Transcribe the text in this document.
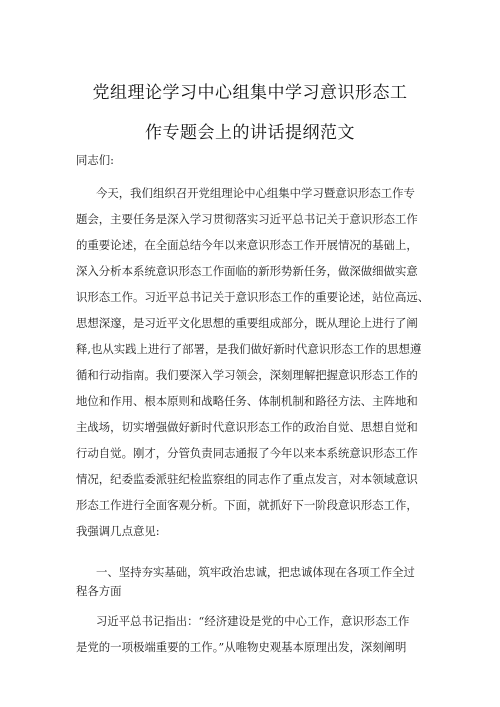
党组理论学习中心组集中学习意识形态工
作专题会上的讲话提纲范文
同志们:
今天，我们组织召开党组理论中心组集中学习暨意识形态工作专
题会，主要任务是深入学习贯彻落实习近平总书记关于意识形态工作
的重要论述，在全面总结今年以来意识形态工作开展情况的基础上，
深入分析本系统意识形态工作面临的新形势新任务，做深做细做实意
识形态工作。习近平总书记关于意识形态工作的重要论述，站位高远、
思想深邃，是习近平文化思想的重要组成部分，既从理论上进行了阐
释,也从实践上进行了部署，是我们做好新时代意识形态工作的思想遵
循和行动指南。我们要深入学习领会，深刻理解把握意识形态工作的
地位和作用、根本原则和战略任务、体制机制和路径方法、主阵地和
主战场，切实增强做好新时代意识形态工作的政治自觉、思想自觉和
行动自觉。刚才，分管负责同志通报了今年以来本系统意识形态工作
情况，纪委监委派驻纪检监察组的同志作了重点发言，对本领域意识
形态工作进行全面客观分析。下面，就抓好下一阶段意识形态工作，
我强调几点意见:
一、坚持夯实基础，筑牢政治忠诚，把忠诚体现在各项工作全过
程各方面
习近平总书记指出：“经济建设是党的中心工作，意识形态工作
是党的一项极端重要的工作。”从唯物史观基本原理出发，深刻阐明
